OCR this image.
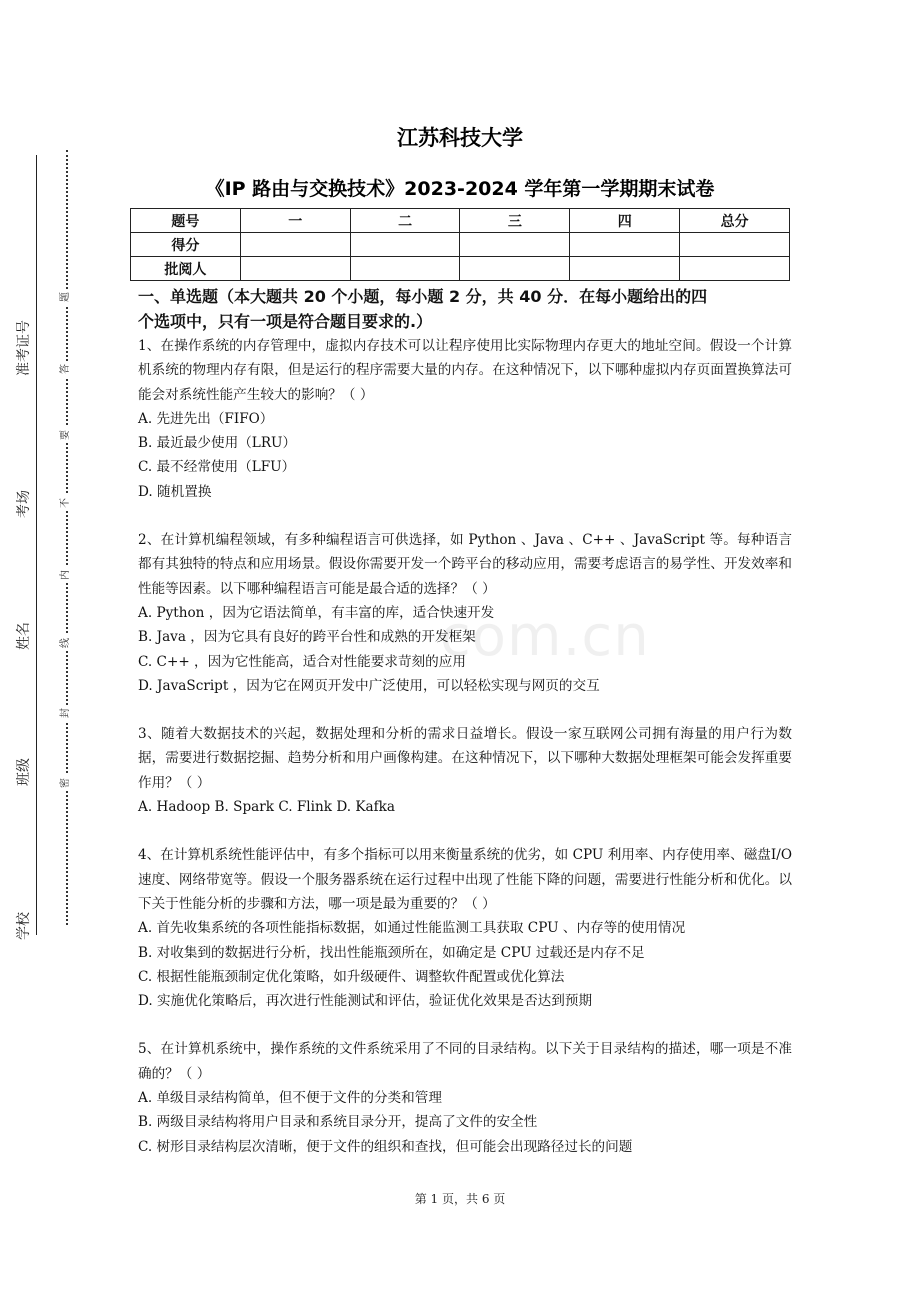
准考证号
考场
姓名
班级
学校
题
答
要
不
内
线
封
密
江苏科技大学
《IP 路由与交换技术》2023-2024 学年第一学期期末试卷
题号	一	二	三	四	总分
得分					
批阅人					
com.cn
一、单选题（本大题共 20 个小题，每小题 2 分，共 40 分．在每小题给出的四
个选项中，只有一项是符合题目要求的.）
1、在操作系统的内存管理中，虚拟内存技术可以让程序使用比实际物理内存更大的地址空间。假设一个计算机系统的物理内存有限，但是运行的程序需要大量的内存。在这种情况下，以下哪种虚拟内存页面置换算法可能会对系统性能产生较大的影响？（ ）
A. 先进先出（FIFO）
B. 最近最少使用（LRU）
C. 最不经常使用（LFU）
D. 随机置换
2、在计算机编程领域，有多种编程语言可供选择，如 Python 、Java 、C++ 、JavaScript 等。每种语言都有其独特的特点和应用场景。假设你需要开发一个跨平台的移动应用，需要考虑语言的易学性、开发效率和性能等因素。以下哪种编程语言可能是最合适的选择？（ ）
A. Python ，因为它语法简单，有丰富的库，适合快速开发
B. Java ，因为它具有良好的跨平台性和成熟的开发框架
C. C++ ，因为它性能高，适合对性能要求苛刻的应用
D. JavaScript ，因为它在网页开发中广泛使用，可以轻松实现与网页的交互
3、随着大数据技术的兴起，数据处理和分析的需求日益增长。假设一家互联网公司拥有海量的用户行为数据，需要进行数据挖掘、趋势分析和用户画像构建。在这种情况下，以下哪种大数据处理框架可能会发挥重要作用？（ ）
A. Hadoop B. Spark C. Flink D. Kafka
4、在计算机系统性能评估中，有多个指标可以用来衡量系统的优劣，如 CPU 利用率、内存使用率、磁盘I/O速度、网络带宽等。假设一个服务器系统在运行过程中出现了性能下降的问题，需要进行性能分析和优化。以下关于性能分析的步骤和方法，哪一项是最为重要的？（ ）
A. 首先收集系统的各项性能指标数据，如通过性能监测工具获取 CPU 、内存等的使用情况
B. 对收集到的数据进行分析，找出性能瓶颈所在，如确定是 CPU 过载还是内存不足
C. 根据性能瓶颈制定优化策略，如升级硬件、调整软件配置或优化算法
D. 实施优化策略后，再次进行性能测试和评估，验证优化效果是否达到预期
5、在计算机系统中，操作系统的文件系统采用了不同的目录结构。以下关于目录结构的描述，哪一项是不准确的？（ ）
A. 单级目录结构简单，但不便于文件的分类和管理
B. 两级目录结构将用户目录和系统目录分开，提高了文件的安全性
C. 树形目录结构层次清晰，便于文件的组织和查找，但可能会出现路径过长的问题
第 1 页，共 6 页
